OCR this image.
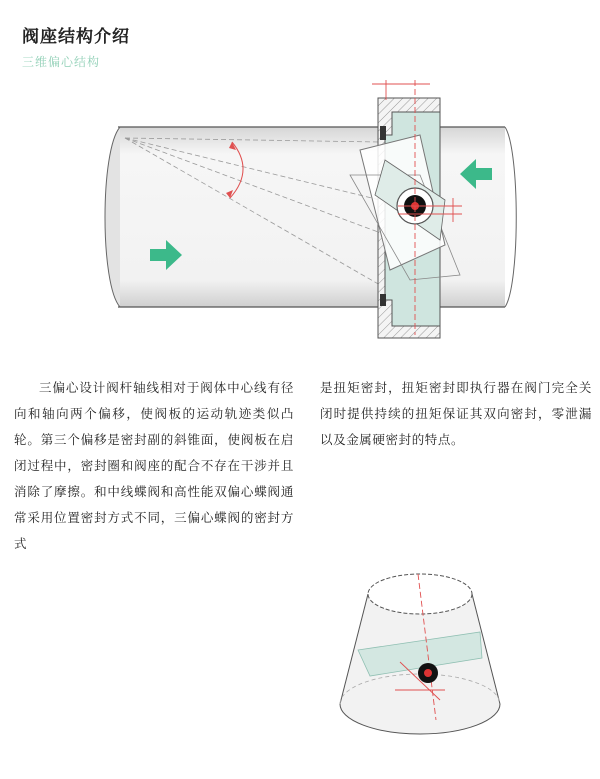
阀座结构介绍
三维偏心结构
三偏心设计阀杆轴线相对于阀体中心线有径向和轴向两个偏移，使阀板的运动轨迹类似凸轮。第三个偏移是密封副的斜锥面，使阀板在启闭过程中，密封圈和阀座的配合不存在干涉并且消除了摩擦。和中线蝶阀和高性能双偏心蝶阀通常采用位置密封方式不同，三偏心蝶阀的密封方式
是扭矩密封，扭矩密封即执行器在阀门完全关闭时提供持续的扭矩保证其双向密封，零泄漏以及金属硬密封的特点。
